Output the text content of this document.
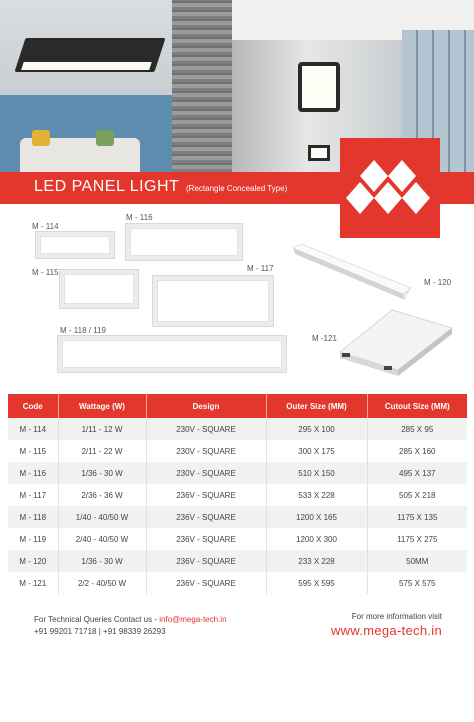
LED PANEL LIGHT (Rectangle Concealed Type)
M - 114
M - 116
M - 115	M - 117
M - 120
M - 118 / 119
M -121
Code	Wattage (W)	Design	Outer Size (MM)	Cutout Size (MM)
M - 114	1/11 - 12 W	230V - SQUARE	295 X 100	285 X 95
M - 115	2/11 - 22 W	230V - SQUARE	300 X 175	285 X 160
M - 116	1/36 - 30 W	230V - SQUARE	510 X 150	495 X 137
M - 117	2/36 - 36 W	236V - SQUARE	533 X 228	505 X 218
M - 118	1/40 - 40/50 W	236V - SQUARE	1200 X 165	1175 X 135
M - 119	2/40 - 40/50 W	236V - SQUARE	1200 X 300	1175 X 275
M - 120	1/36 - 30 W	236V - SQUARE	233 X 228	50MM
M - 121	2/2 - 40/50 W	236V - SQUARE	595 X 595	575 X 575
For Technical Queries Contact us - info@mega-tech.in
+91 99201 71718 | +91 98339 26293
For more information visit
www.mega-tech.in
